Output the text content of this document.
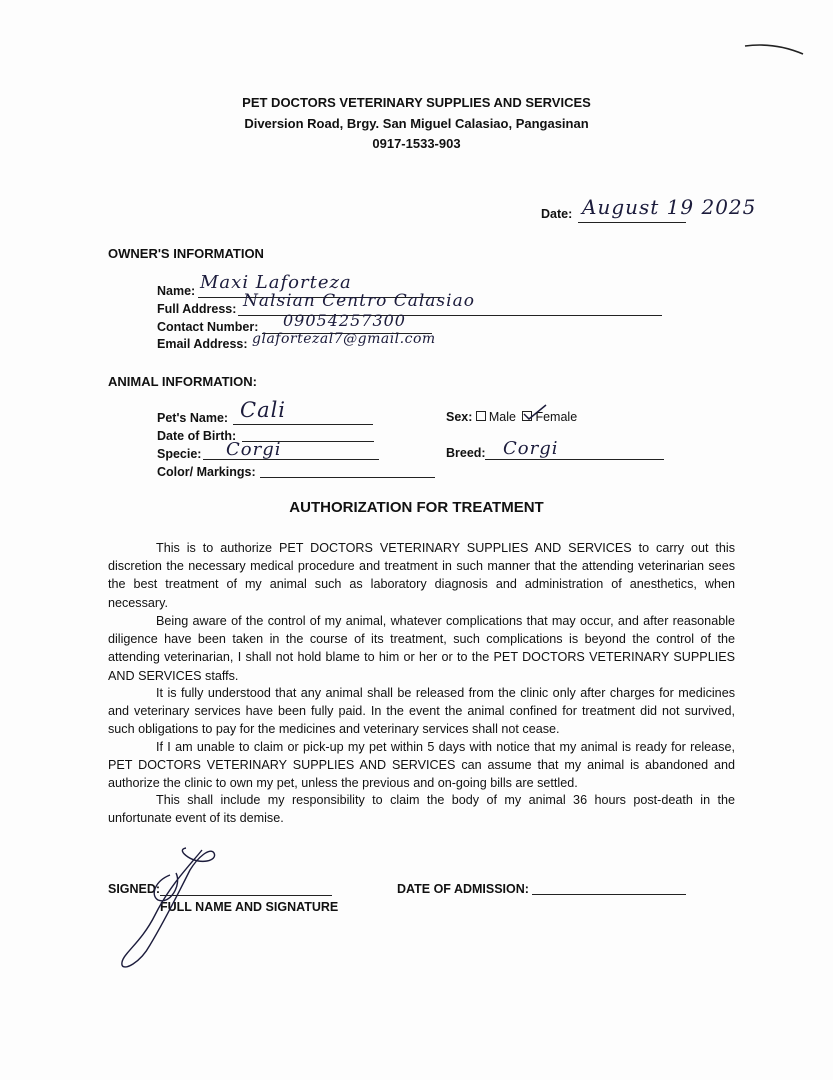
PET DOCTORS VETERINARY SUPPLIES AND SERVICES
Diversion Road, Brgy. San Miguel Calasiao, Pangasinan
0917-1533-903
Date: August 19 2025
OWNER'S INFORMATION
Name: Maxi Laforteza
Full Address: Nalsian Centro Calasiao
Contact Number: 09054257300
Email Address: glafortezal7@gmail.com
ANIMAL INFORMATION:
Pet's Name: Cali
Date of Birth:
Specie: Corgi
Color/ Markings:
Sex: Male Female
Breed: Corgi
AUTHORIZATION FOR TREATMENT
This is to authorize PET DOCTORS VETERINARY SUPPLIES AND SERVICES to carry out this discretion the necessary medical procedure and treatment in such manner that the attending veterinarian sees the best treatment of my animal such as laboratory diagnosis and administration of anesthetics, when necessary.
Being aware of the control of my animal, whatever complications that may occur, and after reasonable diligence have been taken in the course of its treatment, such complications is beyond the control of the attending veterinarian, I shall not hold blame to him or her or to the PET DOCTORS VETERINARY SUPPLIES AND SERVICES staffs.
It is fully understood that any animal shall be released from the clinic only after charges for medicines and veterinary services have been fully paid. In the event the animal confined for treatment did not survived, such obligations to pay for the medicines and veterinary services shall not cease.
If I am unable to claim or pick-up my pet within 5 days with notice that my animal is ready for release, PET DOCTORS VETERINARY SUPPLIES AND SERVICES can assume that my animal is abandoned and authorize the clinic to own my pet, unless the previous and on-going bills are settled.
This shall include my responsibility to claim the body of my animal 36 hours post-death in the unfortunate event of its demise.
SIGNED:
FULL NAME AND SIGNATURE
DATE OF ADMISSION:
